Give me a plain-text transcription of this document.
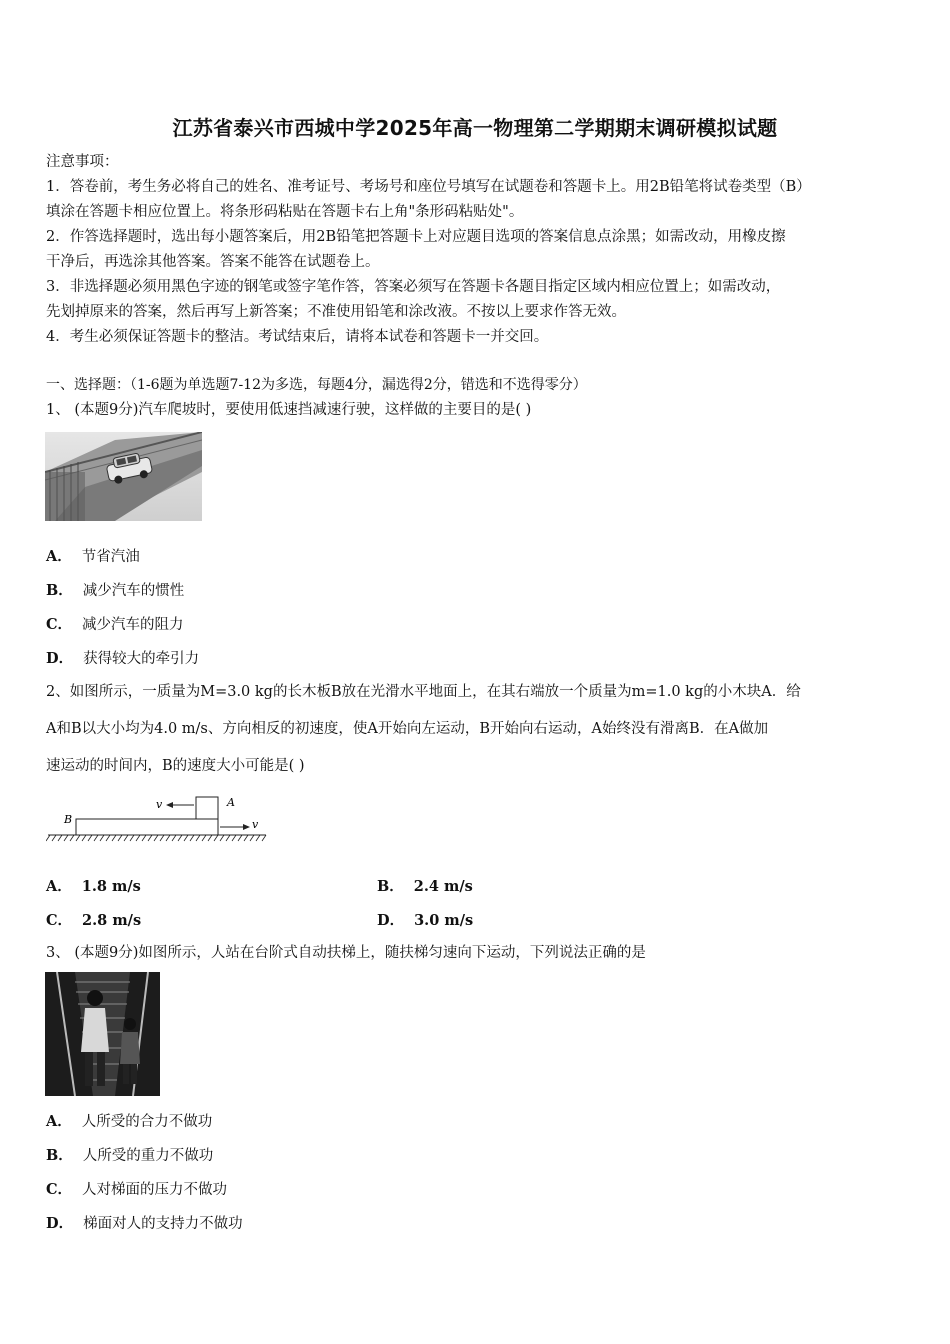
江苏省泰兴市西城中学2025年高一物理第二学期期末调研模拟试题
注意事项：
1．答卷前，考生务必将自己的姓名、准考证号、考场号和座位号填写在试题卷和答题卡上。用2B铅笔将试卷类型（B）
填涂在答题卡相应位置上。将条形码粘贴在答题卡右上角"条形码粘贴处"。
2．作答选择题时，选出每小题答案后，用2B铅笔把答题卡上对应题目选项的答案信息点涂黑；如需改动，用橡皮擦
干净后，再选涂其他答案。答案不能答在试题卷上。
3．非选择题必须用黑色字迹的钢笔或签字笔作答，答案必须写在答题卡各题目指定区域内相应位置上；如需改动，
先划掉原来的答案，然后再写上新答案；不准使用铅笔和涂改液。不按以上要求作答无效。
4．考生必须保证答题卡的整洁。考试结束后，请将本试卷和答题卡一并交回。
一、选择题：（1-6题为单选题7-12为多选，每题4分，漏选得2分，错选和不选得零分）
1、 (本题9分)汽车爬坡时，要使用低速挡减速行驶，这样做的主要目的是( )
A． 节省汽油
B． 减少汽车的惯性
C． 减少汽车的阻力
D． 获得较大的牵引力
2、如图所示，一质量为M=3.0 kg的长木板B放在光滑水平地面上，在其右端放一个质量为m=1.0 kg的小木块A．给
A和B以大小均为4.0 m/s、方向相反的初速度，使A开始向左运动，B开始向右运动，A始终没有滑离B．在A做加
速运动的时间内，B的速度大小可能是( )
v	A
B	v
A． 1.8 m/s	B． 2.4 m/s
C． 2.8 m/s	D． 3.0 m/s
3、 (本题9分)如图所示，人站在台阶式自动扶梯上，随扶梯匀速向下运动，下列说法正确的是
A． 人所受的合力不做功
B． 人所受的重力不做功
C． 人对梯面的压力不做功
D． 梯面对人的支持力不做功
